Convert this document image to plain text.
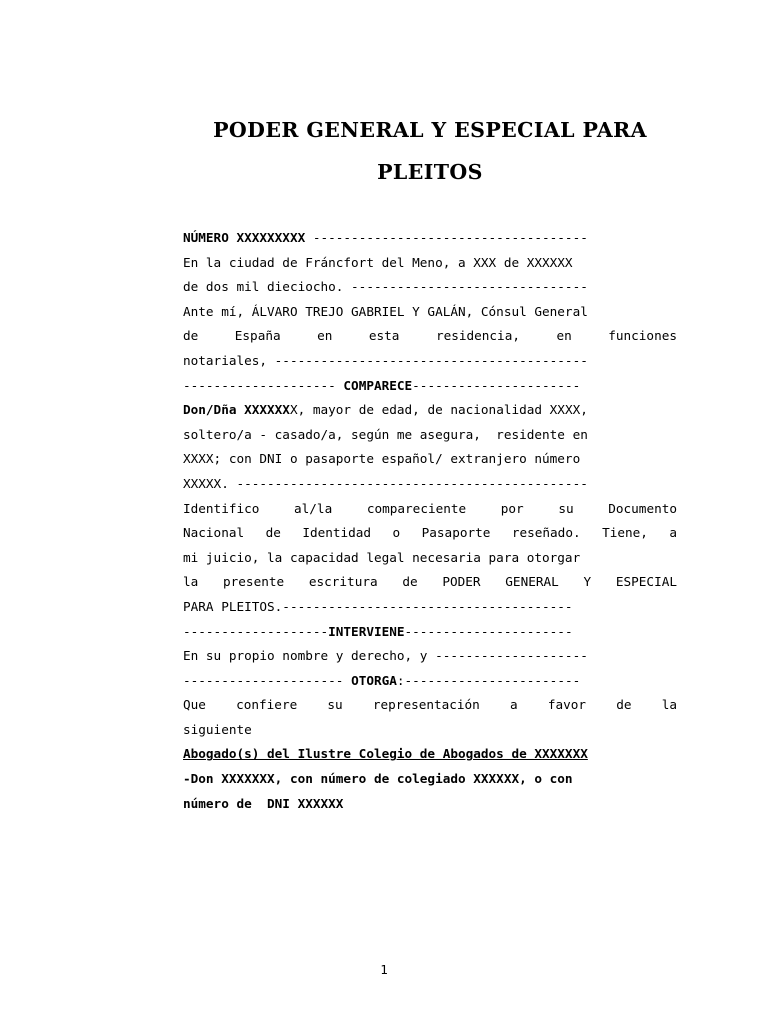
PODER GENERAL Y ESPECIAL PARA
PLEITOS
NÚMERO XXXXXXXXX ------------------------------------
En la ciudad de Fráncfort del Meno, a XXX de XXXXXX
de dos mil dieciocho. -------------------------------
Ante mí, ÁLVARO TREJO GABRIEL Y GALÁN, Cónsul General
de España en esta residencia, en funciones
notariales, -----------------------------------------
-------------------- COMPARECE----------------------
Don/Dña XXXXXXX, mayor de edad, de nacionalidad XXXX,
soltero/a - casado/a, según me asegura,  residente en
XXXX; con DNI o pasaporte español/ extranjero número
XXXXX. ----------------------------------------------
Identifico al/la compareciente por su Documento
Nacional de Identidad o Pasaporte reseñado. Tiene, a
mi juicio, la capacidad legal necesaria para otorgar
la presente escritura de PODER GENERAL Y ESPECIAL
PARA PLEITOS.--------------------------------------
-------------------INTERVIENE----------------------
En su propio nombre y derecho, y --------------------
--------------------- OTORGA:-----------------------
Que confiere su representación a favor de la
siguiente
Abogado(s) del Ilustre Colegio de Abogados de XXXXXXX
-Don XXXXXXX, con número de colegiado XXXXXX, o con
número de  DNI XXXXXX
1
